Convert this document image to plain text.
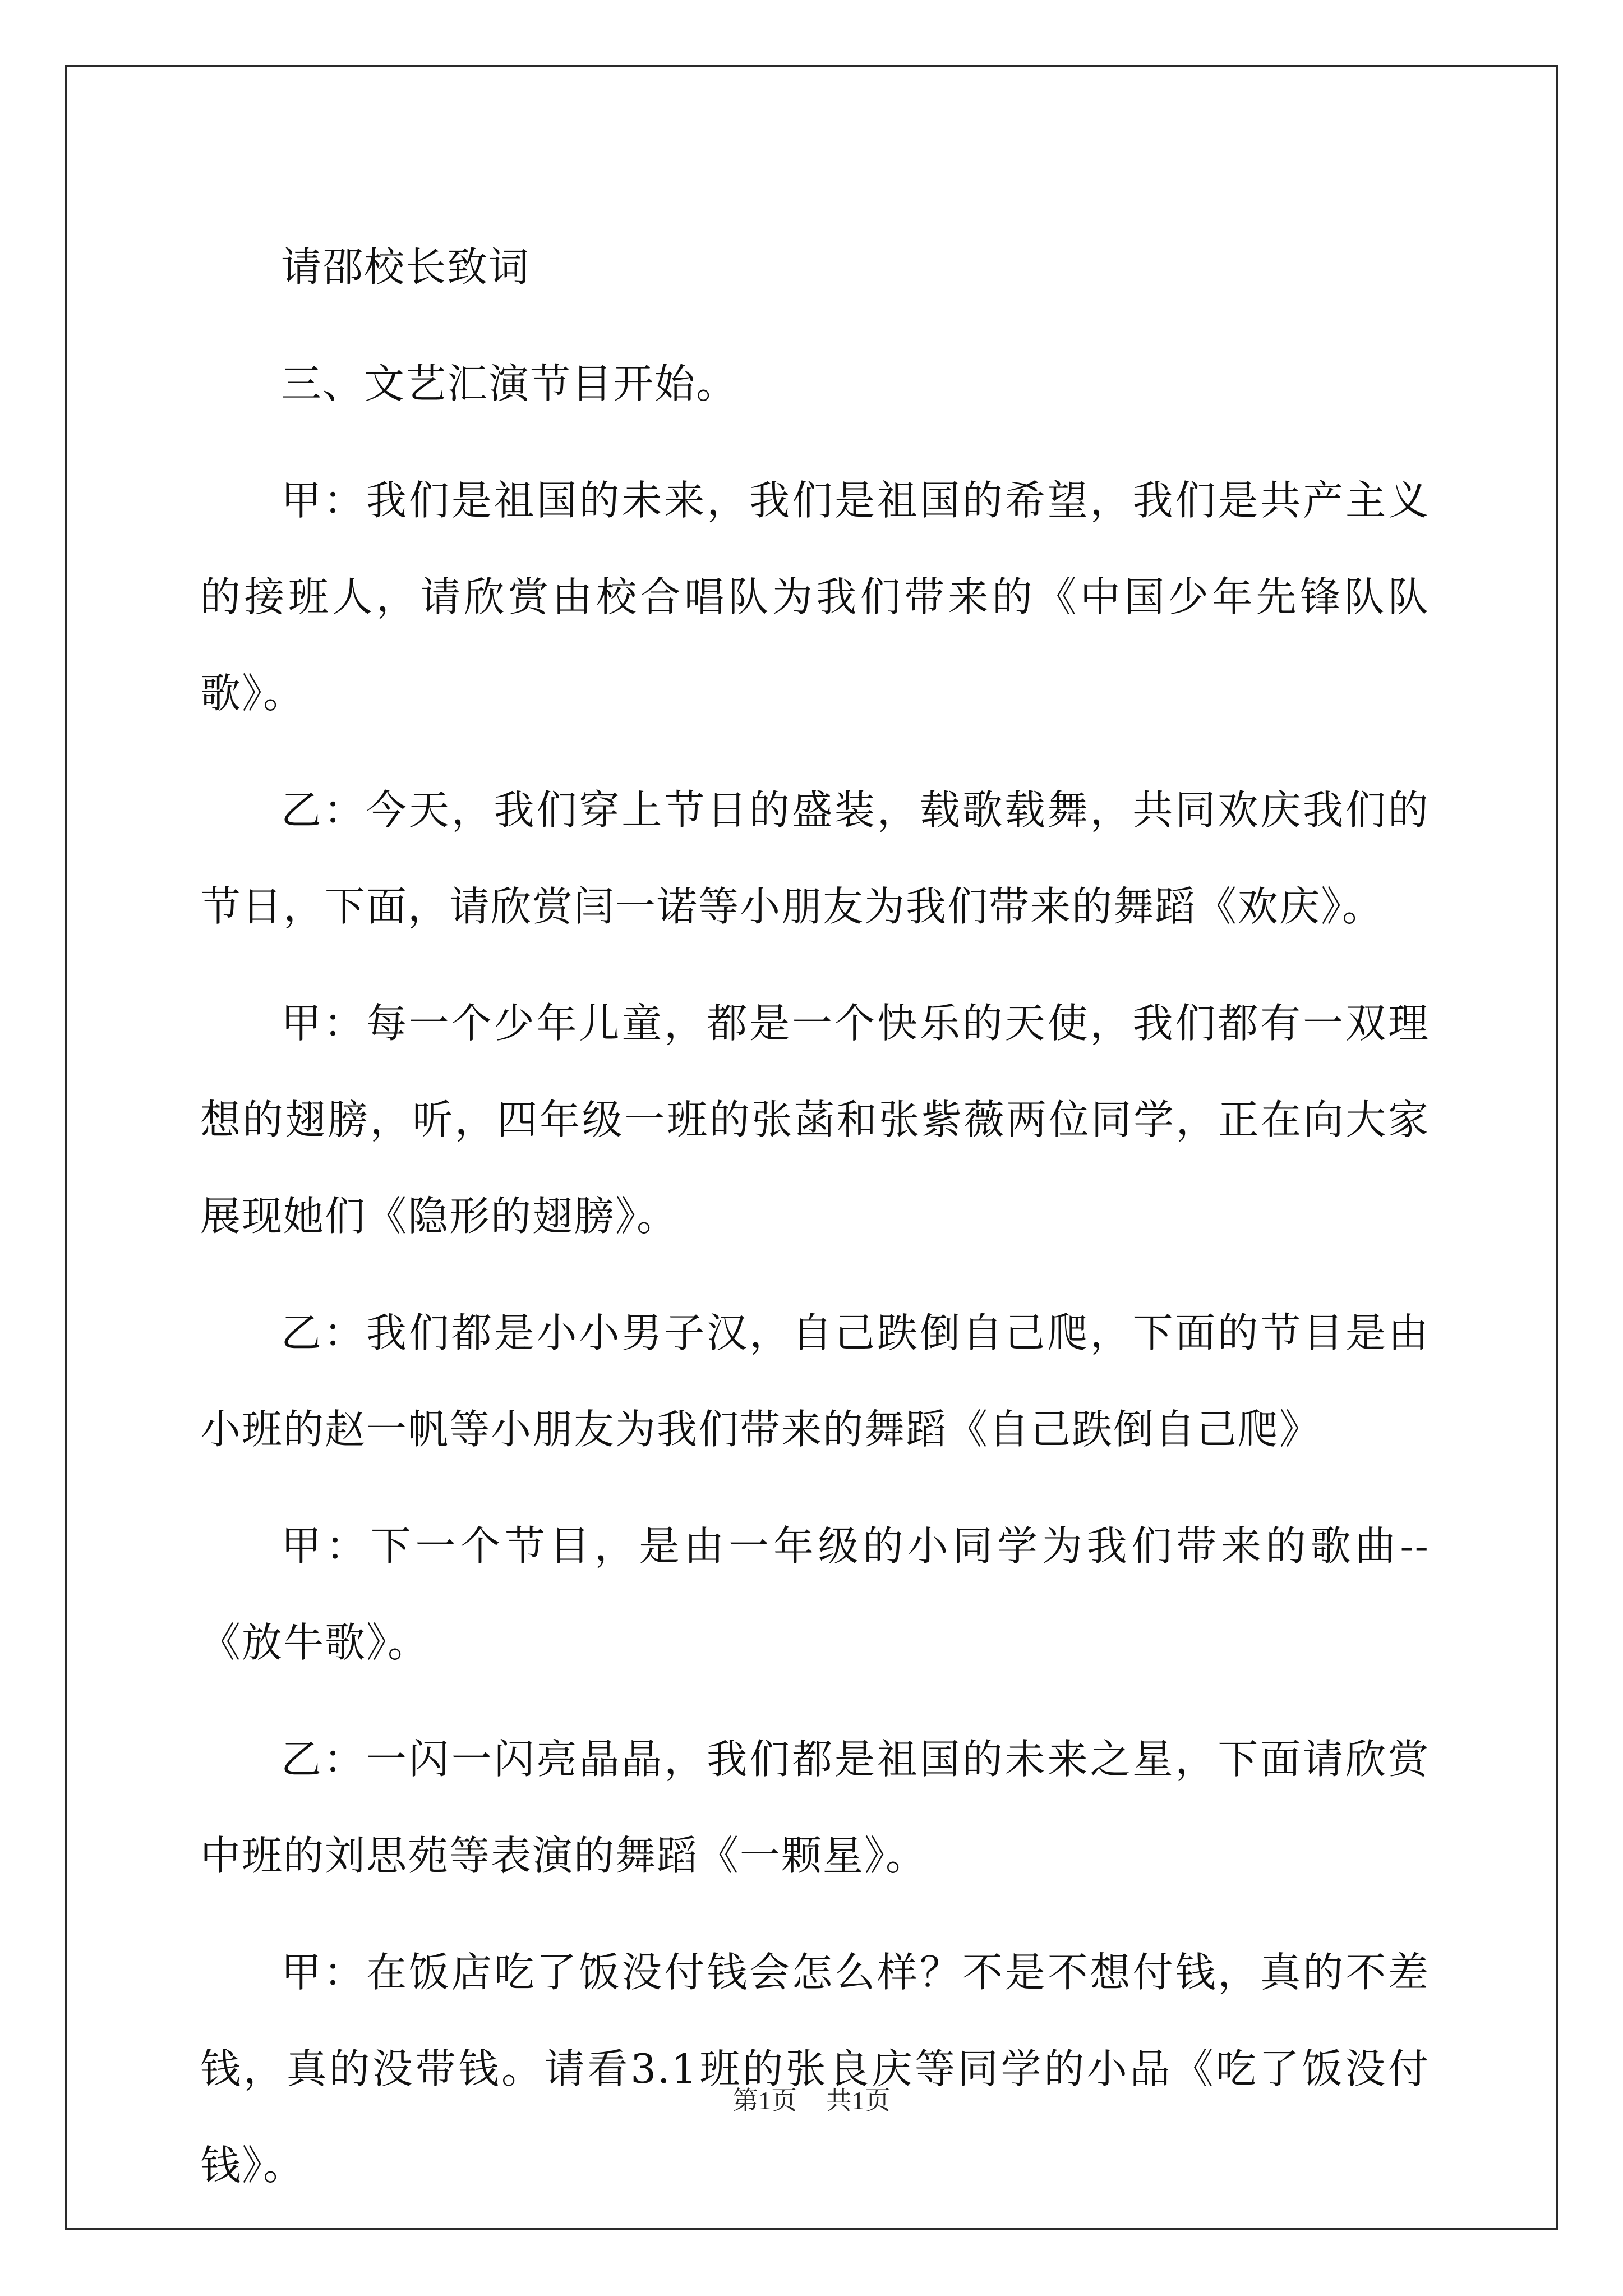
请邵校长致词

三、文艺汇演节目开始。

甲：我们是祖国的未来，我们是祖国的希望，我们是共产主义的接班人，请欣赏由校合唱队为我们带来的《中国少年先锋队队歌》。

乙：今天，我们穿上节日的盛装，载歌载舞，共同欢庆我们的节日，下面，请欣赏闫一诺等小朋友为我们带来的舞蹈《欢庆》。

甲：每一个少年儿童，都是一个快乐的天使，我们都有一双理想的翅膀，听，四年级一班的张菡和张紫薇两位同学，正在向大家展现她们《隐形的翅膀》。

乙：我们都是小小男子汉，自己跌倒自己爬，下面的节目是由小班的赵一帆等小朋友为我们带来的舞蹈《自己跌倒自己爬》

甲：下一个节目，是由一年级的小同学为我们带来的歌曲--《放牛歌》。

乙：一闪一闪亮晶晶，我们都是祖国的未来之星，下面请欣赏中班的刘思苑等表演的舞蹈《一颗星》。

甲：在饭店吃了饭没付钱会怎么样？不是不想付钱，真的不差钱，真的没带钱。请看3.1班的张良庆等同学的小品《吃了饭没付钱》。

第1页 共1页
